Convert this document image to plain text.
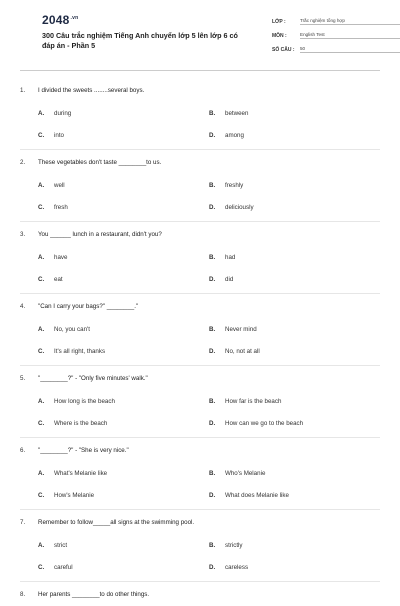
$2048^{.vn}$
300 Câu trắc nghiệm Tiếng Anh chuyển lớp 5 lên lớp 6 có đáp án - Phần 5
LỚP :	Trắc nghiệm tổng hợp
MÔN :	English Test
SỐ CÂU :	50
1.	I divided the sweets ........several boys.
A.	during	B.	between
C.	into	D.	among
2.	These vegetables don't taste ________to us.
A.	well	B.	freshly
C.	fresh	D.	deliciously
3.	You ______ lunch in a restaurant, didn't you?
A.	have	B.	had
C.	eat	D.	did
4.	"Can I carry your bags?" ________."
A.	No, you can't	B.	Never mind
C.	It's all right, thanks	D.	No, not at all
5.	"________?" - "Only five minutes' walk."
A.	How long is the beach	B.	How far is the beach
C.	Where is the beach	D.	How can we go to the beach
6.	"________?" - "She is very nice."
A.	What's Melanie like	B.	Who's Melanie
C.	How's Melanie	D.	What does Melanie like
7.	Remember to follow_____all signs at the swimming pool.
A.	strict	B.	strictly
C.	careful	D.	careless
8.	Her parents ________to do other things.
